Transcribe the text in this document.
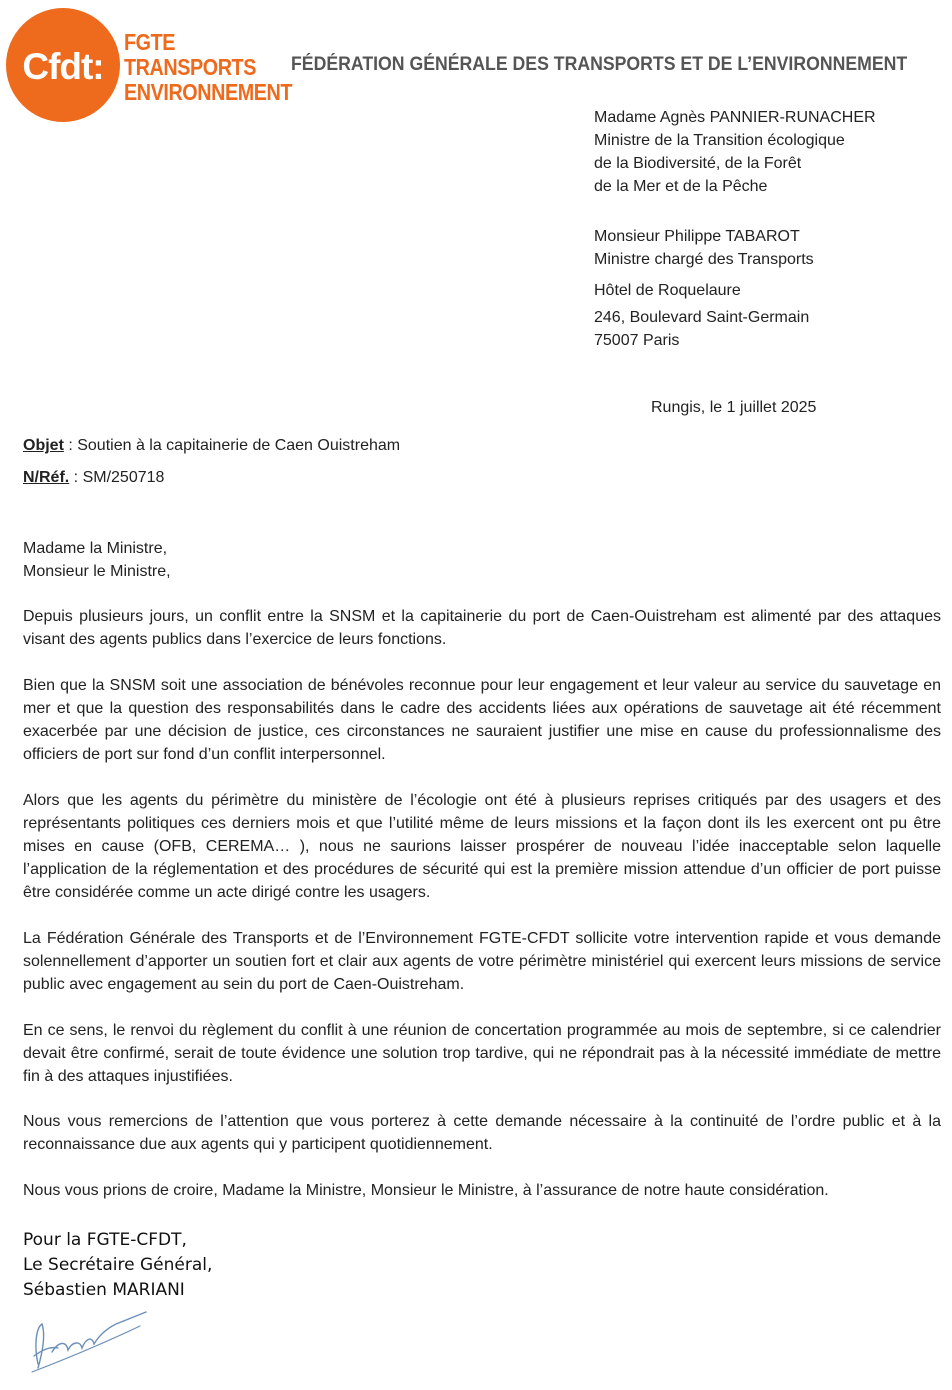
Cfdt:
FGTE
TRANSPORTS
ENVIRONNEMENT
FÉDÉRATION GÉNÉRALE DES TRANSPORTS ET DE L’ENVIRONNEMENT
Madame Agnès PANNIER-RUNACHER
Ministre de la Transition écologique
de la Biodiversité, de la Forêt
de la Mer et de la Pêche
Monsieur Philippe TABAROT
Ministre chargé des Transports
Hôtel de Roquelaure
246, Boulevard Saint-Germain
75007 Paris
Rungis, le 1 juillet 2025
Objet : Soutien à la capitainerie de Caen Ouistreham
N/Réf. : SM/250718
Madame la Ministre,
Monsieur le Ministre,

Depuis plusieurs jours, un conflit entre la SNSM et la capitainerie du port de Caen-Ouistreham est alimenté par des attaques visant des agents publics dans l’exercice de leurs fonctions.

Bien que la SNSM soit une association de bénévoles reconnue pour leur engagement et leur valeur au service du sauvetage en mer et que la question des responsabilités dans le cadre des accidents liées aux opérations de sauvetage ait été récemment exacerbée par une décision de justice, ces circonstances ne sauraient justifier une mise en cause du professionnalisme des officiers de port sur fond d’un conflit interpersonnel.

Alors que les agents du périmètre du ministère de l’écologie ont été à plusieurs reprises critiqués par des usagers et des représentants politiques ces derniers mois et que l’utilité même de leurs missions et la façon dont ils les exercent ont pu être mises en cause (OFB, CEREMA… ), nous ne saurions laisser prospérer de nouveau l’idée inacceptable selon laquelle l’application de la réglementation et des procédures de sécurité qui est la première mission attendue d’un officier de port puisse être considérée comme un acte dirigé contre les usagers.

La Fédération Générale des Transports et de l’Environnement FGTE-CFDT sollicite votre intervention rapide et vous demande solennellement d’apporter un soutien fort et clair aux agents de votre périmètre ministériel qui exercent leurs missions de service public avec engagement au sein du port de Caen-Ouistreham.

En ce sens, le renvoi du règlement du conflit à une réunion de concertation programmée au mois de septembre, si ce calendrier devait être confirmé, serait de toute évidence une solution trop tardive, qui ne répondrait pas à la nécessité immédiate de mettre fin à des attaques injustifiées.

Nous vous remercions de l’attention que vous porterez à cette demande nécessaire à la continuité de l’ordre public et à la reconnaissance due aux agents qui y participent quotidiennement.

Nous vous prions de croire, Madame la Ministre, Monsieur le Ministre, à l’assurance de notre haute considération.

Pour la FGTE-CFDT,
Le Secrétaire Général,
Sébastien MARIANI
